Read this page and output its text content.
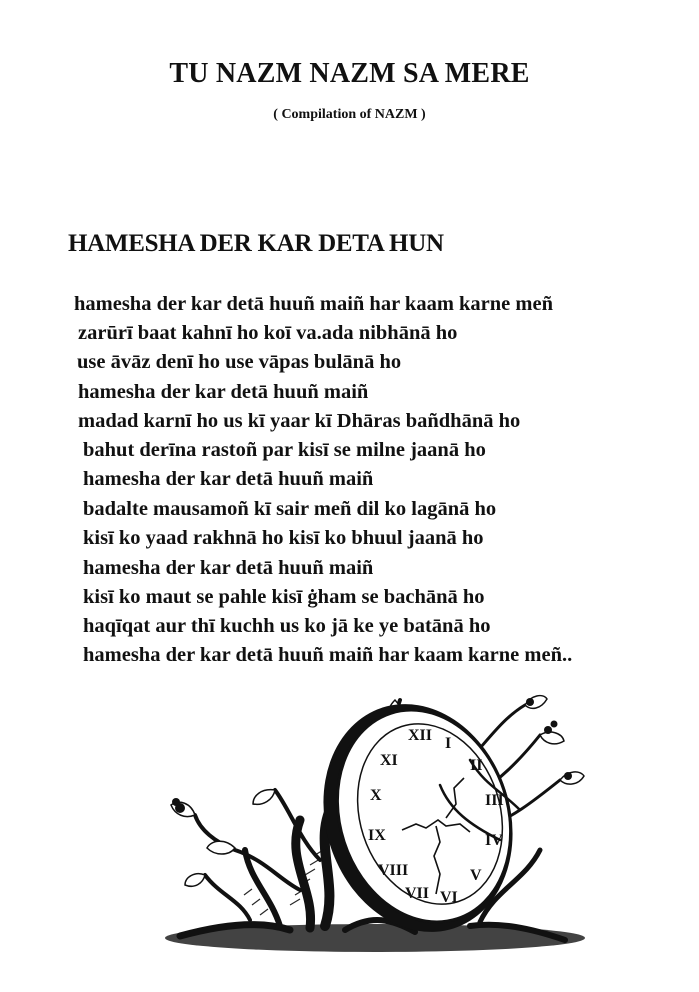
TU NAZM NAZM SA MERE
( Compilation of NAZM )
HAMESHA DER KAR DETA HUN
hamesha der kar detā huuñ maiñ har kaam karne meñ
zarūrī baat kahnī ho koī va.ada nibhānā ho
use āvāz denī ho use vāpas bulānā ho
hamesha der kar detā huuñ maiñ
madad karnī ho us kī yaar kī Dhāras bañdhānā ho
bahut derīna rastoñ par kisī se milne jaanā ho
hamesha der kar detā huuñ maiñ
badalte mausamoñ kī sair meñ dil ko lagānā ho
kisī ko yaad rakhnā ho kisī ko bhuul jaanā ho
hamesha der kar detā huuñ maiñ
kisī ko maut se pahle kisī ġham se bachānā ho
haqīqat aur thī kuchh us ko jā ke ye batānā ho
hamesha der kar detā huuñ maiñ har kaam karne meñ..
XII I
II
III
IV
V
VI
VII
VIII
IX
X
XI
